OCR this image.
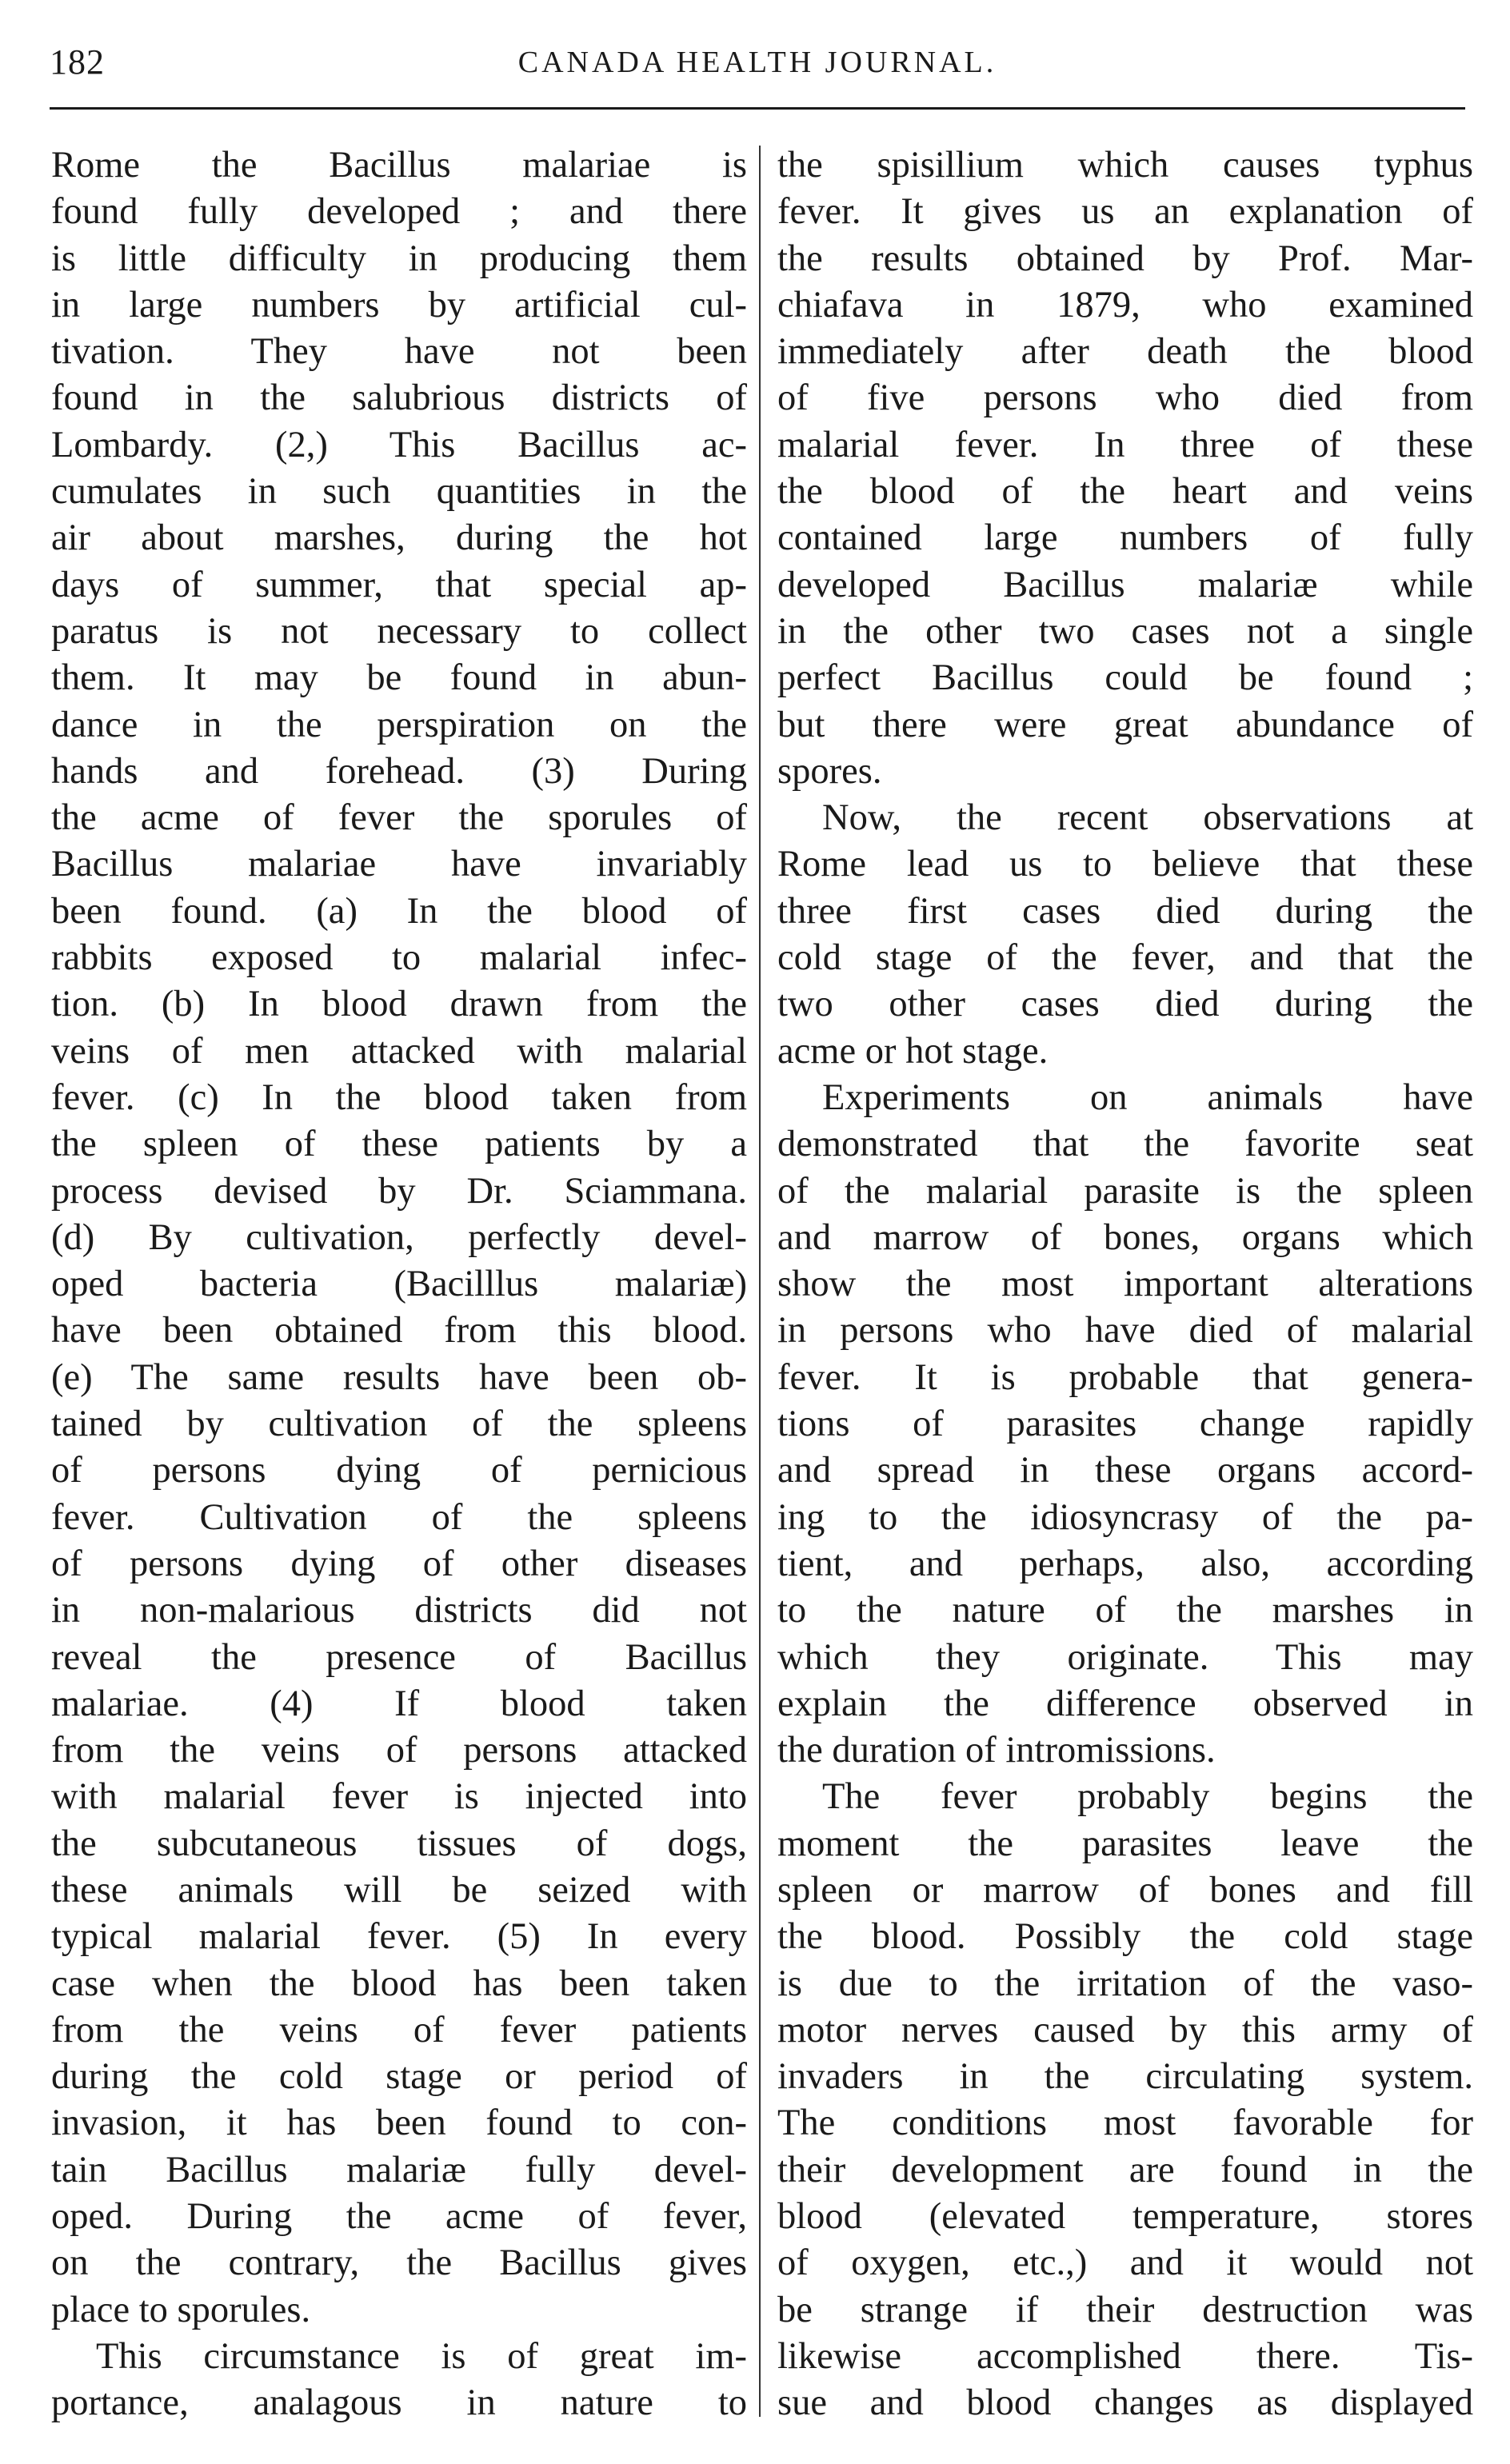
182	CANADA HEALTH JOURNAL.
Rome the Bacillus malariae is
found fully developed ; and there
is little difficulty in producing them
in large numbers by artificial cul-
tivation. They have not been
found in the salubrious districts of
Lombardy. (2,) This Bacillus ac-
cumulates in such quantities in the
air about marshes, during the hot
days of summer, that special ap-
paratus is not necessary to collect
them. It may be found in abun-
dance in the perspiration on the
hands and forehead. (3) During
the acme of fever the sporules of
Bacillus malariae have invariably
been found. (a) In the blood of
rabbits exposed to malarial infec-
tion. (b) In blood drawn from the
veins of men attacked with malarial
fever. (c) In the blood taken from
the spleen of these patients by a
process devised by Dr. Sciammana.
(d) By cultivation, perfectly devel-
oped bacteria (Bacilllus malariæ)
have been obtained from this blood.
(e) The same results have been ob-
tained by cultivation of the spleens
of persons dying of pernicious
fever. Cultivation of the spleens
of persons dying of other diseases
in non-malarious districts did not
reveal the presence of Bacillus
malariae. (4) If blood taken
from the veins of persons attacked
with malarial fever is injected into
the subcutaneous tissues of dogs,
these animals will be seized with
typical malarial fever. (5) In every
case when the blood has been taken
from the veins of fever patients
during the cold stage or period of
invasion, it has been found to con-
tain Bacillus malariæ fully devel-
oped. During the acme of fever,
on the contrary, the Bacillus gives
place to sporules.
This circumstance is of great im-
portance, analagous in nature to
the spisillium which causes typhus
fever. It gives us an explanation of
the results obtained by Prof. Mar-
chiafava in 1879, who examined
immediately after death the blood
of five persons who died from
malarial fever. In three of these
the blood of the heart and veins
contained large numbers of fully
developed Bacillus malariæ while
in the other two cases not a single
perfect Bacillus could be found ;
but there were great abundance of
spores.
Now, the recent observations at
Rome lead us to believe that these
three first cases died during the
cold stage of the fever, and that the
two other cases died during the
acme or hot stage.
Experiments on animals have
demonstrated that the favorite seat
of the malarial parasite is the spleen
and marrow of bones, organs which
show the most important alterations
in persons who have died of malarial
fever. It is probable that genera-
tions of parasites change rapidly
and spread in these organs accord-
ing to the idiosyncrasy of the pa-
tient, and perhaps, also, according
to the nature of the marshes in
which they originate. This may
explain the difference observed in
the duration of intromissions.
The fever probably begins the
moment the parasites leave the
spleen or marrow of bones and fill
the blood. Possibly the cold stage
is due to the irritation of the vaso-
motor nerves caused by this army of
invaders in the circulating system.
The conditions most favorable for
their development are found in the
blood (elevated temperature, stores
of oxygen, etc.,) and it would not
be strange if their destruction was
likewise accomplished there. Tis-
sue and blood changes as displayed
